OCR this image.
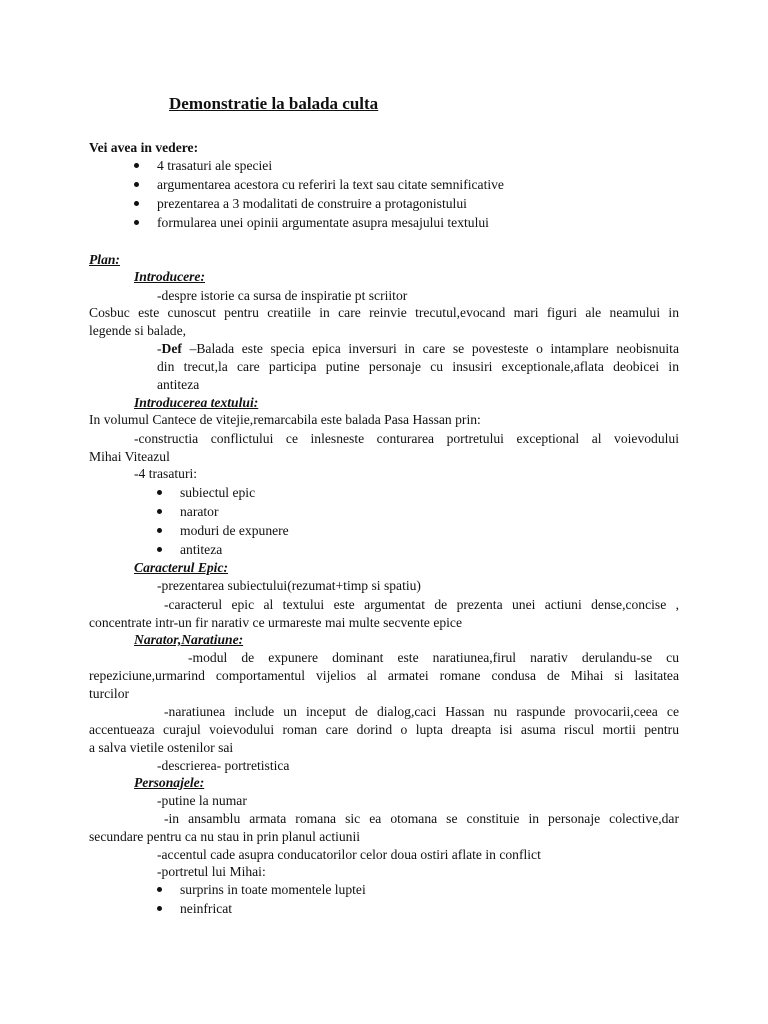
Demonstratie la balada culta
Vei avea in vedere:
4 trasaturi ale speciei
argumentarea acestora cu referiri la text sau citate semnificative
prezentarea a 3 modalitati de construire a protagonistului
formularea unei opinii argumentate asupra mesajului textului
Plan:
Introducere:
-despre istorie ca sursa de inspiratie pt scriitor
Cosbuc este cunoscut pentru creatiile in care reinvie trecutul,evocand mari figuri ale neamului in
legende si balade,
-Def –Balada este specia epica inversuri in care se povesteste o intamplare neobisnuita
din trecut,la care participa putine personaje cu insusiri exceptionale,aflata deobicei in
antiteza
Introducerea textului:
In volumul Cantece de vitejie,remarcabila este balada Pasa Hassan prin:
-constructia conflictului ce inlesneste conturarea portretului exceptional al voievodului
Mihai Viteazul
-4 trasaturi:
subiectul epic
narator
moduri de expunere
antiteza
Caracterul Epic:
-prezentarea subiectului(rezumat+timp si spatiu)
-caracterul epic al textului este argumentat de prezenta unei actiuni dense,concise ,
concentrate intr-un fir narativ ce urmareste mai multe secvente epice
Narator,Naratiune:
-modul de expunere dominant este naratiunea,firul narativ derulandu-se cu
repeziciune,urmarind comportamentul vijelios al armatei romane condusa de Mihai si lasitatea
turcilor
-naratiunea include un inceput de dialog,caci Hassan nu raspunde provocarii,ceea ce
accentueaza curajul voievodului roman care dorind o lupta dreapta isi asuma riscul mortii pentru
a salva vietile ostenilor sai
-descrierea- portretistica
Personajele:
-putine la numar
-in ansamblu armata romana sic ea otomana se constituie in personaje colective,dar
secundare pentru ca nu stau in prin planul actiunii
-accentul cade asupra conducatorilor celor doua ostiri aflate in conflict
-portretul lui Mihai:
surprins in toate momentele luptei
neinfricat
